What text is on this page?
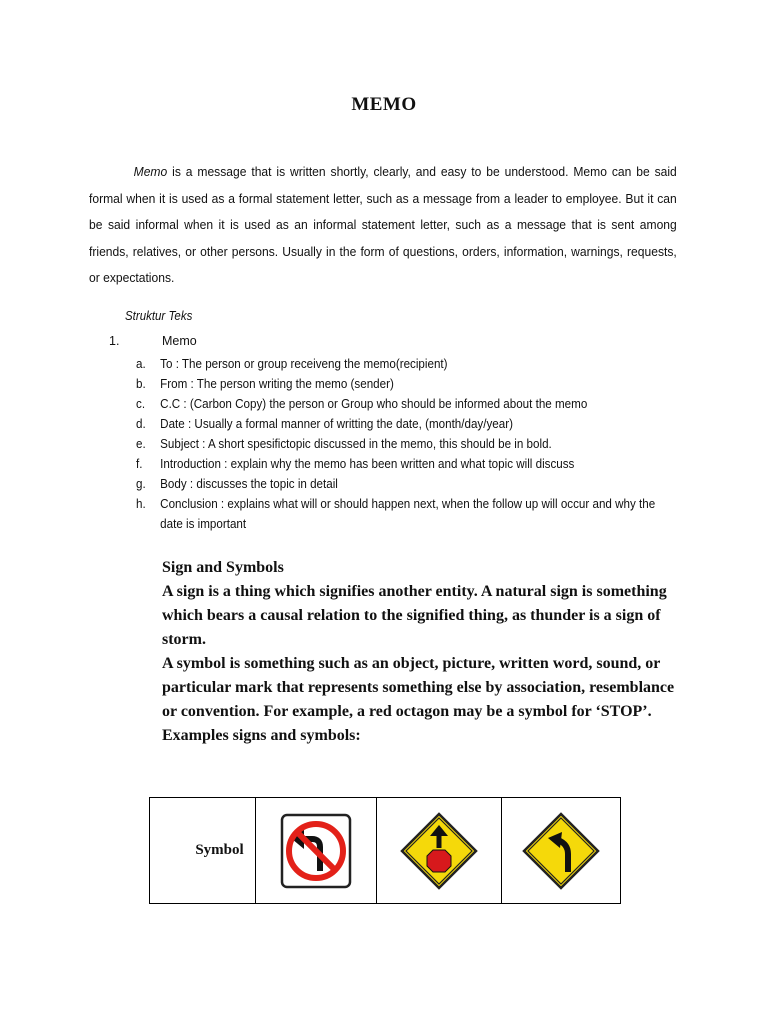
MEMO
Memo is a message that is written shortly, clearly, and easy to be understood. Memo can be said formal when it is used as a formal statement letter, such as a message from a leader to employee. But it can be said informal when it is used as an informal statement letter, such as a message that is sent among friends, relatives, or other persons. Usually in the form of questions, orders, information, warnings, requests, or expectations.
Struktur Teks
1.	Memo
a.	To : The person or group receiveng the memo(recipient)
b.	From : The person writing the memo (sender)
c.	C.C : (Carbon Copy) the person or Group who should be informed about the memo
d.	Date : Usually a formal manner of writting the date, (month/day/year)
e.	Subject : A short spesifictopic discussed in the memo, this should be in bold.
f.	Introduction : explain why the memo has been written and what topic will discuss
g.	Body : discusses the topic in detail
h.	Conclusion : explains what will or should happen next, when the follow up will occur and why the date is important

Sign and Symbols

A sign is a thing which signifies another entity. A natural sign is something which bears a causal relation to the signified thing, as thunder is a sign of storm.

A symbol is something such as an object, picture, written word, sound, or particular mark that represents something else by association, resemblance or convention. For example, a red octagon may be a symbol for ‘STOP’.

Examples signs and symbols:

Symbol	
